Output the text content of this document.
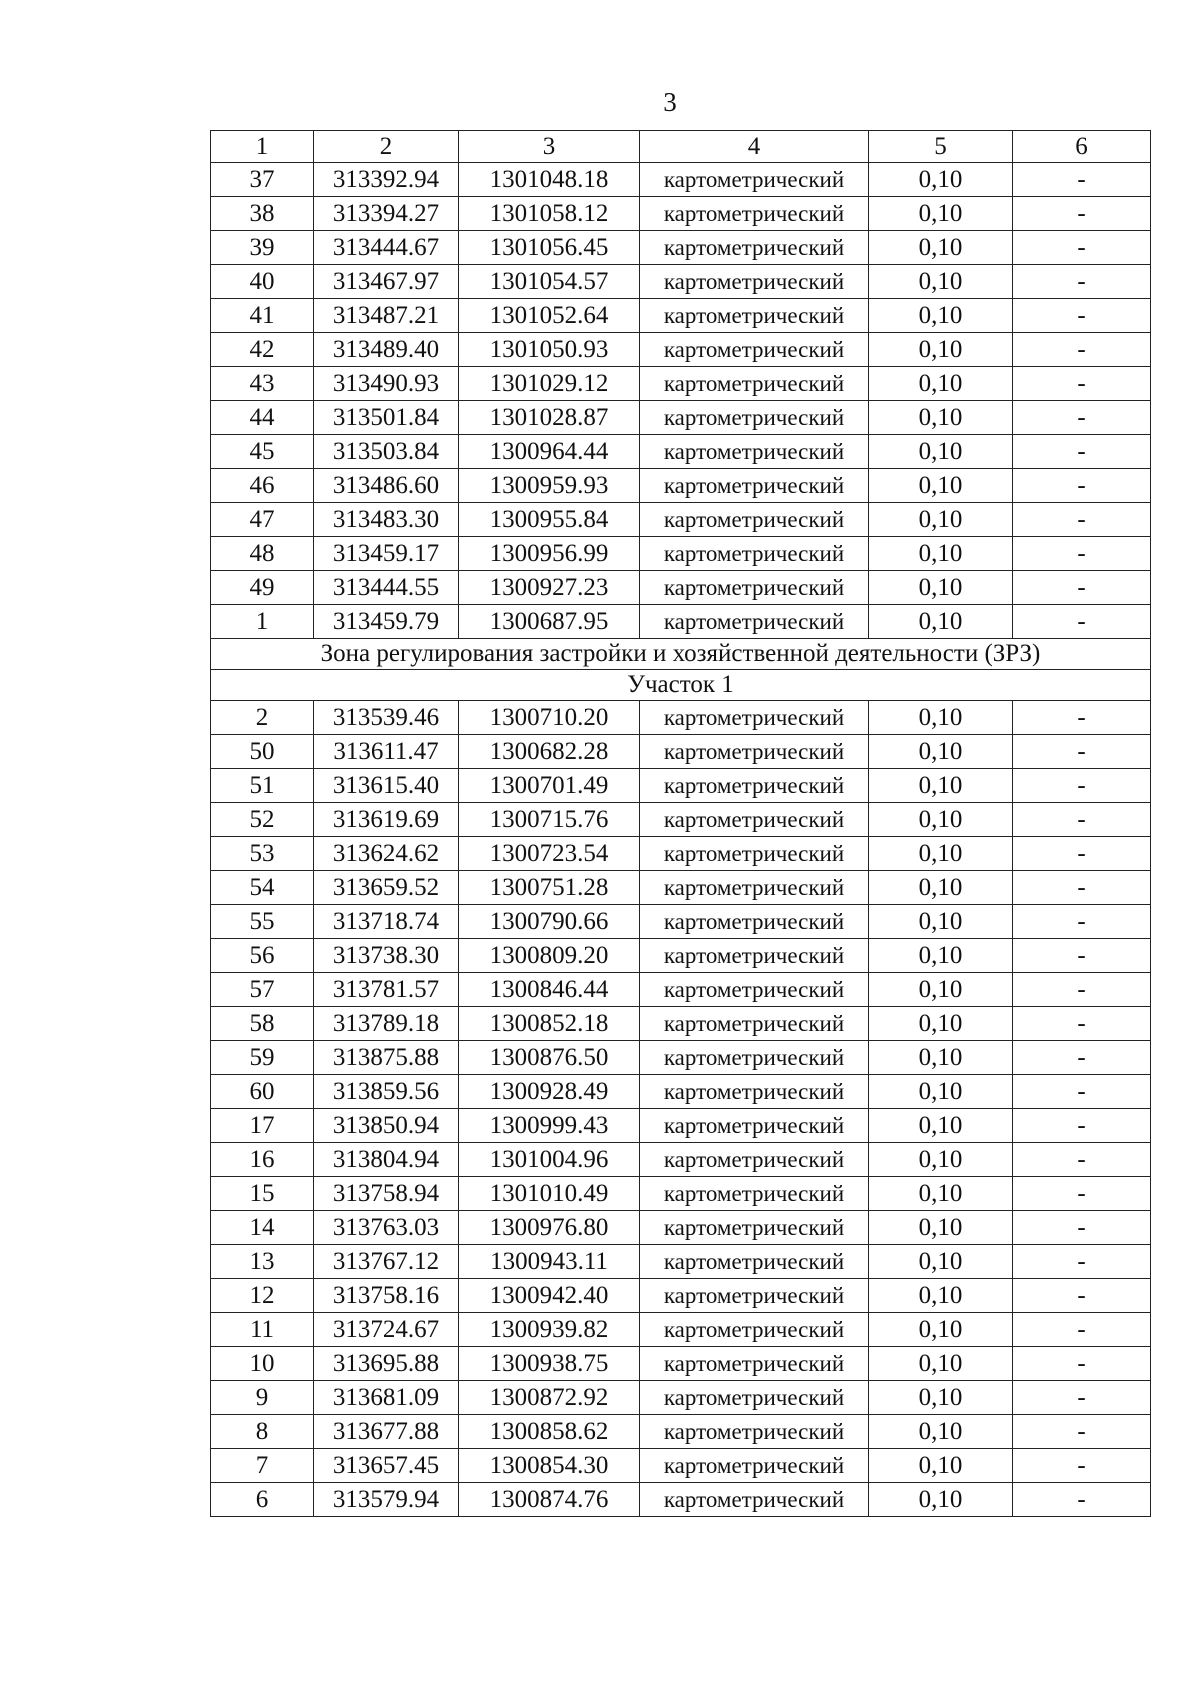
3
1	2	3	4	5	6
37	313392.94	1301048.18	картометрический	0,10	-
38	313394.27	1301058.12	картометрический	0,10	-
39	313444.67	1301056.45	картометрический	0,10	-
40	313467.97	1301054.57	картометрический	0,10	-
41	313487.21	1301052.64	картометрический	0,10	-
42	313489.40	1301050.93	картометрический	0,10	-
43	313490.93	1301029.12	картометрический	0,10	-
44	313501.84	1301028.87	картометрический	0,10	-
45	313503.84	1300964.44	картометрический	0,10	-
46	313486.60	1300959.93	картометрический	0,10	-
47	313483.30	1300955.84	картометрический	0,10	-
48	313459.17	1300956.99	картометрический	0,10	-
49	313444.55	1300927.23	картометрический	0,10	-
1	313459.79	1300687.95	картометрический	0,10	-
Зона регулирования застройки и хозяйственной деятельности (ЗРЗ)					
Участок 1					
2	313539.46	1300710.20	картометрический	0,10	-
50	313611.47	1300682.28	картометрический	0,10	-
51	313615.40	1300701.49	картометрический	0,10	-
52	313619.69	1300715.76	картометрический	0,10	-
53	313624.62	1300723.54	картометрический	0,10	-
54	313659.52	1300751.28	картометрический	0,10	-
55	313718.74	1300790.66	картометрический	0,10	-
56	313738.30	1300809.20	картометрический	0,10	-
57	313781.57	1300846.44	картометрический	0,10	-
58	313789.18	1300852.18	картометрический	0,10	-
59	313875.88	1300876.50	картометрический	0,10	-
60	313859.56	1300928.49	картометрический	0,10	-
17	313850.94	1300999.43	картометрический	0,10	-
16	313804.94	1301004.96	картометрический	0,10	-
15	313758.94	1301010.49	картометрический	0,10	-
14	313763.03	1300976.80	картометрический	0,10	-
13	313767.12	1300943.11	картометрический	0,10	-
12	313758.16	1300942.40	картометрический	0,10	-
11	313724.67	1300939.82	картометрический	0,10	-
10	313695.88	1300938.75	картометрический	0,10	-
9	313681.09	1300872.92	картометрический	0,10	-
8	313677.88	1300858.62	картометрический	0,10	-
7	313657.45	1300854.30	картометрический	0,10	-
6	313579.94	1300874.76	картометрический	0,10	-
